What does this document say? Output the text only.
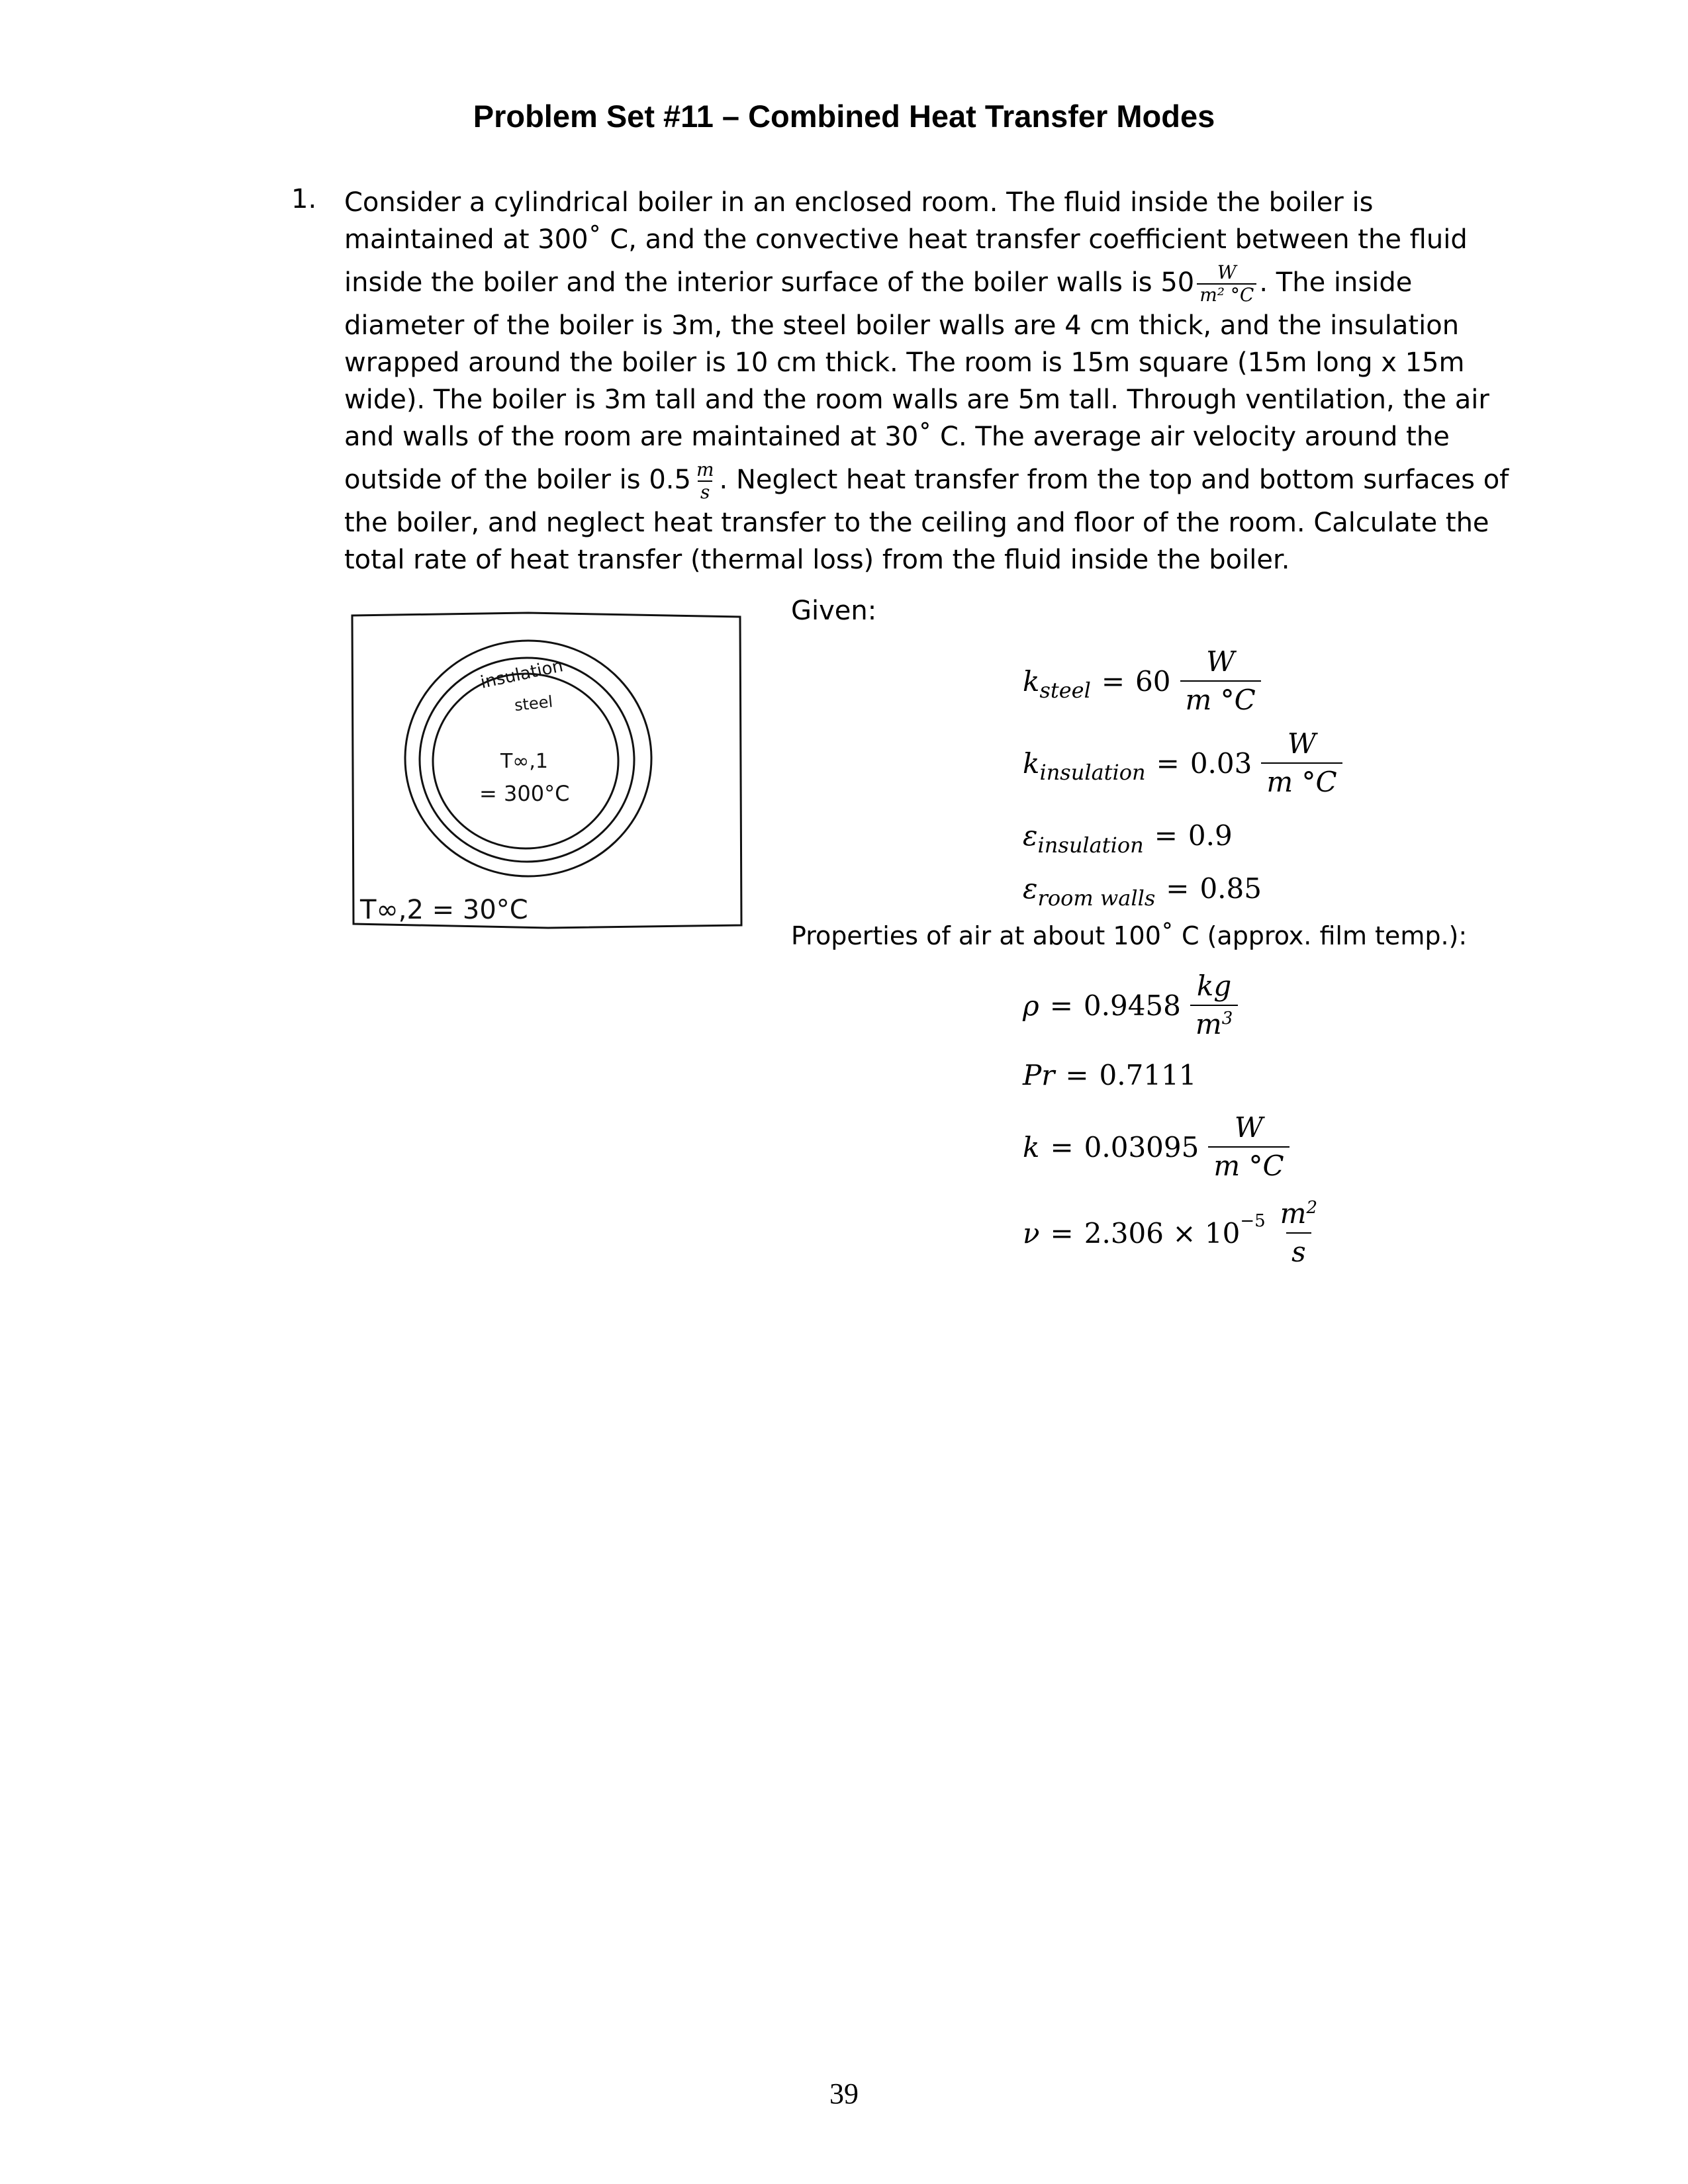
Problem Set #11 – Combined Heat Transfer Modes
1. Consider a cylindrical boiler in an enclosed room. The fluid inside the boiler is
maintained at 300˚ C, and the convective heat transfer coefficient between the fluid
inside the boiler and the interior surface of the boiler walls is $50 \frac{W}{\text{m² °C}}$ . The inside
diameter of the boiler is 3m, the steel boiler walls are 4 cm thick, and the insulation
wrapped around the boiler is 10 cm thick. The room is 15m square (15m long x 15m
wide). The boiler is 3m tall and the room walls are 5m tall. Through ventilation, the air
and walls of the room are maintained at 30˚ C. The average air velocity around the
outside of the boiler is $0.5 \frac{m}{s}$ . Neglect heat transfer from the top and bottom surfaces of
the boiler, and neglect heat transfer to the ceiling and floor of the room. Calculate the
total rate of heat transfer (thermal loss) from the fluid inside the boiler.
insulation
steel
T∞,1
= 300°C
T∞,2 = 30°C
Given:
k steel = $60 \frac{W}{m ^\circ C}$
k insulation = $0.03 \frac{W}{m ^\circ C}$
ε insulation = 0.9
ε room walls = 0.85
Properties of air at about 100˚ C (approx. film temp.):
$\rho = 0.9458 \frac{kg}{m^3}$
Pr = 0.7111
$k = 0.03095 \frac{W}{m ^\circ C}$
$\nu = 2.306 \times 10^{-5} \frac{m^2}{s}$
39
